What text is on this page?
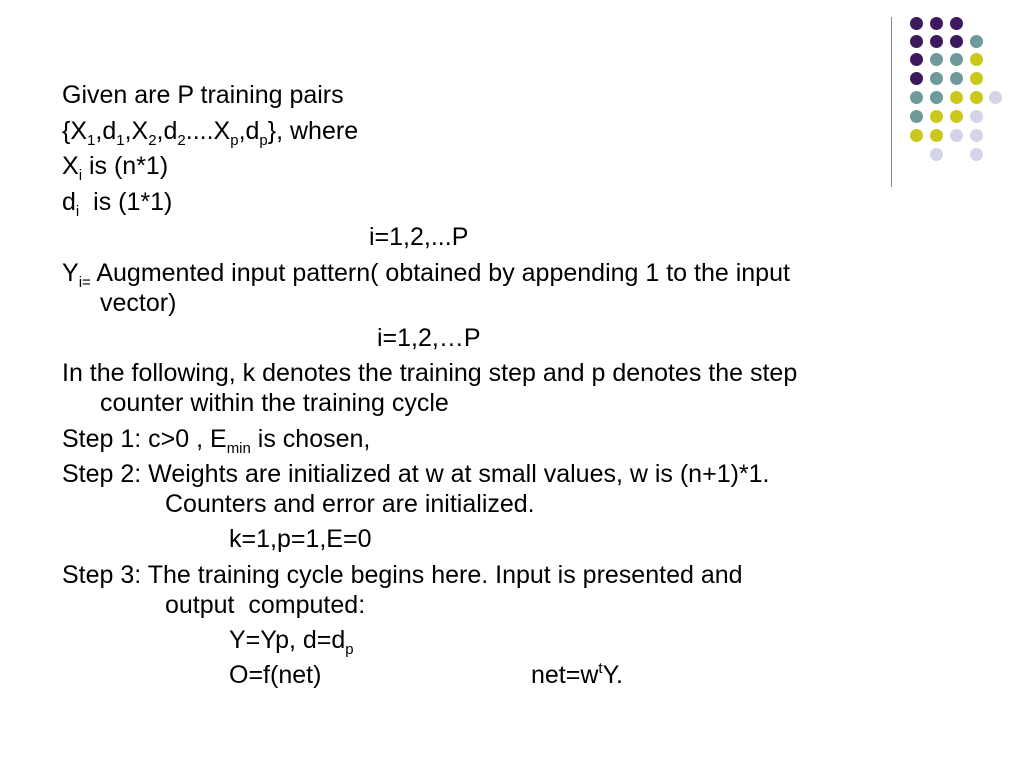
Given are P training pairs
$\{X_1,d_1,X_2,d_2....X_p,d_p\}$, where
$X_i$ is (n*1)
$d_i$  is (1*1)
i=1,2,...P
$Y_{i=}$ Augmented input pattern( obtained by appending 1 to the input
vector)
i=1,2,…P
In the following, k denotes the training step and p denotes the step
counter within the training cycle
Step 1: c>0 , $E_{min}$ is chosen,
Step 2: Weights are initialized at w at small values, w is (n+1)*1.
Counters and error are initialized.
k=1,p=1,E=0
Step 3: The training cycle begins here. Input is presented and
output  computed:
Y=Yp, $d=d_p$
O=f(net)	$net=w^tY$.
